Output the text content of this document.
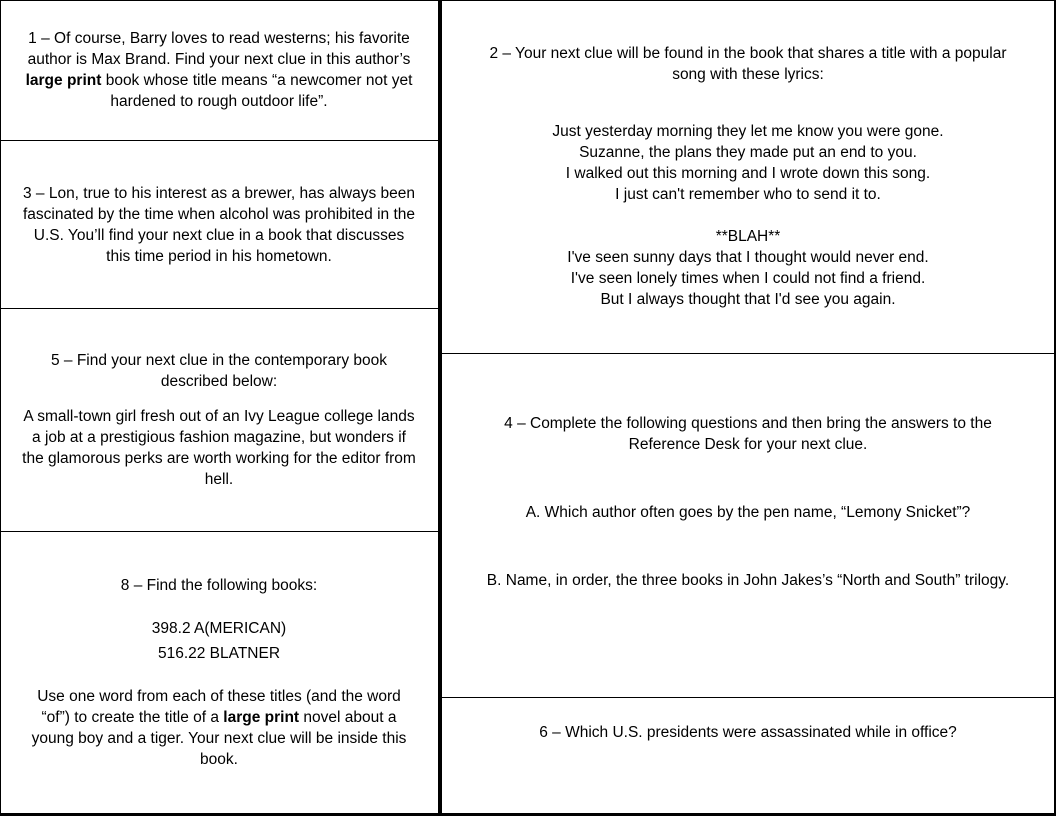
1 – Of course, Barry loves to read westerns; his favorite author is Max Brand. Find your next clue in this author’s large print book whose title means “a newcomer not yet hardened to rough outdoor life”.

3 – Lon, true to his interest as a brewer, has always been fascinated by the time when alcohol was prohibited in the U.S. You’ll find your next clue in a book that discusses this time period in his hometown.

5 – Find your next clue in the contemporary book described below:

A small-town girl fresh out of an Ivy League college lands a job at a prestigious fashion magazine, but wonders if the glamorous perks are worth working for the editor from hell.

8 – Find the following books:

398.2 A(MERICAN)

516.22 BLATNER

Use one word from each of these titles (and the word “of”) to create the title of a large print novel about a young boy and a tiger. Your next clue will be inside this book.

2 – Your next clue will be found in the book that shares a title with a popular song with these lyrics:

Just yesterday morning they let me know you were gone.

Suzanne, the plans they made put an end to you.

I walked out this morning and I wrote down this song.

I just can't remember who to send it to.

**BLAH**

I've seen sunny days that I thought would never end.

I've seen lonely times when I could not find a friend.

But I always thought that I'd see you again.

4 – Complete the following questions and then bring the answers to the Reference Desk for your next clue.

A. Which author often goes by the pen name, “Lemony Snicket”?

B. Name, in order, the three books in John Jakes’s “North and South” trilogy.

6 – Which U.S. presidents were assassinated while in office?
